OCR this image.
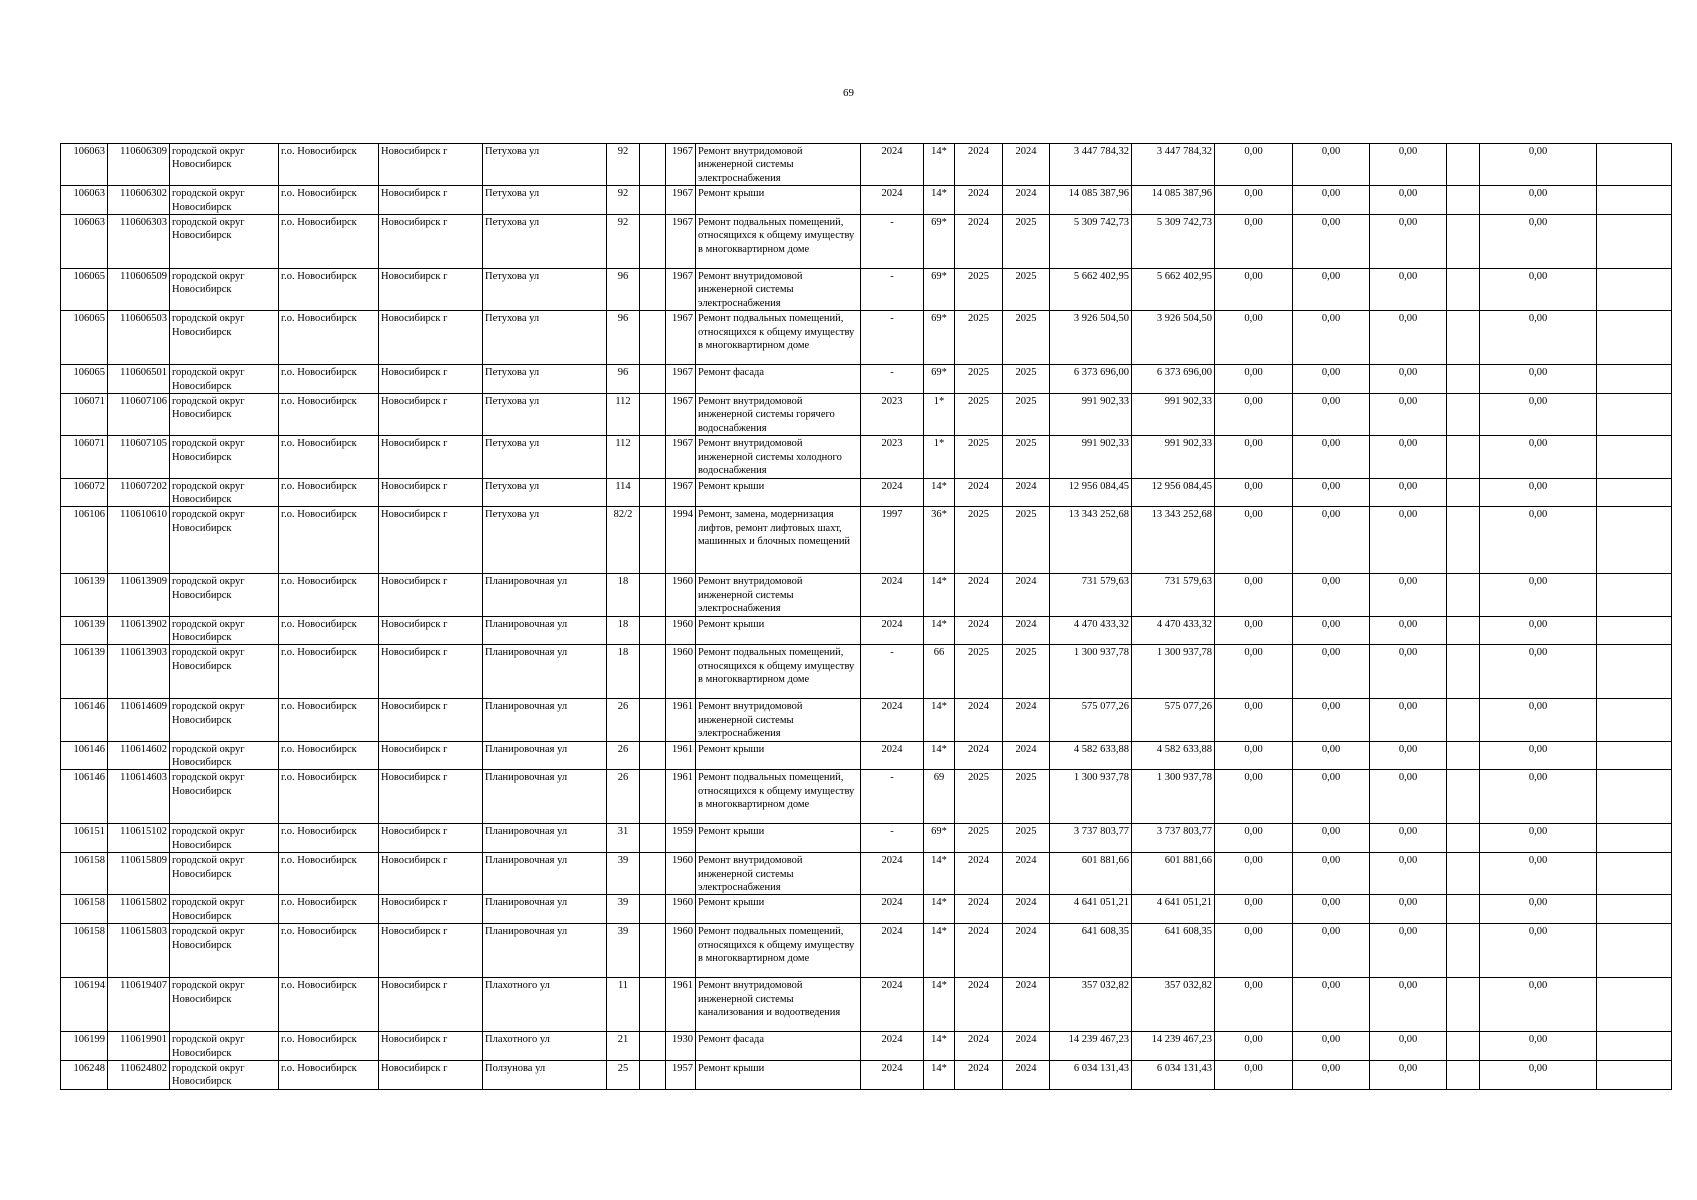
69
106063	110606309	городской округ Новосибирск	г.о. Новосибирск	Новосибирск г	Петухова ул	92		1967	Ремонт внутридомовой инженерной системы электроснабжения	2024	14*	2024	2024	3 447 784,32	3 447 784,32	0,00	0,00	0,00		0,00	
106063	110606302	городской округ Новосибирск	г.о. Новосибирск	Новосибирск г	Петухова ул	92		1967	Ремонт крыши	2024	14*	2024	2024	14 085 387,96	14 085 387,96	0,00	0,00	0,00		0,00	
106063	110606303	городской округ Новосибирск	г.о. Новосибирск	Новосибирск г	Петухова ул	92		1967	Ремонт подвальных помещений, относящихся к общему имуществу в многоквартирном доме	-	69*	2024	2025	5 309 742,73	5 309 742,73	0,00	0,00	0,00		0,00	
106065	110606509	городской округ Новосибирск	г.о. Новосибирск	Новосибирск г	Петухова ул	96		1967	Ремонт внутридомовой инженерной системы электроснабжения	-	69*	2025	2025	5 662 402,95	5 662 402,95	0,00	0,00	0,00		0,00	
106065	110606503	городской округ Новосибирск	г.о. Новосибирск	Новосибирск г	Петухова ул	96		1967	Ремонт подвальных помещений, относящихся к общему имуществу в многоквартирном доме	-	69*	2025	2025	3 926 504,50	3 926 504,50	0,00	0,00	0,00		0,00	
106065	110606501	городской округ Новосибирск	г.о. Новосибирск	Новосибирск г	Петухова ул	96		1967	Ремонт фасада	-	69*	2025	2025	6 373 696,00	6 373 696,00	0,00	0,00	0,00		0,00	
106071	110607106	городской округ Новосибирск	г.о. Новосибирск	Новосибирск г	Петухова ул	112		1967	Ремонт внутридомовой инженерной системы горячего водоснабжения	2023	1*	2025	2025	991 902,33	991 902,33	0,00	0,00	0,00		0,00	
106071	110607105	городской округ Новосибирск	г.о. Новосибирск	Новосибирск г	Петухова ул	112		1967	Ремонт внутридомовой инженерной системы холодного водоснабжения	2023	1*	2025	2025	991 902,33	991 902,33	0,00	0,00	0,00		0,00	
106072	110607202	городской округ Новосибирск	г.о. Новосибирск	Новосибирск г	Петухова ул	114		1967	Ремонт крыши	2024	14*	2024	2024	12 956 084,45	12 956 084,45	0,00	0,00	0,00		0,00	
106106	110610610	городской округ Новосибирск	г.о. Новосибирск	Новосибирск г	Петухова ул	82/2		1994	Ремонт, замена, модернизация лифтов, ремонт лифтовых шахт, машинных и блочных помещений	1997	36*	2025	2025	13 343 252,68	13 343 252,68	0,00	0,00	0,00		0,00	
106139	110613909	городской округ Новосибирск	г.о. Новосибирск	Новосибирск г	Планировочная ул	18		1960	Ремонт внутридомовой инженерной системы электроснабжения	2024	14*	2024	2024	731 579,63	731 579,63	0,00	0,00	0,00		0,00	
106139	110613902	городской округ Новосибирск	г.о. Новосибирск	Новосибирск г	Планировочная ул	18		1960	Ремонт крыши	2024	14*	2024	2024	4 470 433,32	4 470 433,32	0,00	0,00	0,00		0,00	
106139	110613903	городской округ Новосибирск	г.о. Новосибирск	Новосибирск г	Планировочная ул	18		1960	Ремонт подвальных помещений, относящихся к общему имуществу в многоквартирном доме	-	66	2025	2025	1 300 937,78	1 300 937,78	0,00	0,00	0,00		0,00	
106146	110614609	городской округ Новосибирск	г.о. Новосибирск	Новосибирск г	Планировочная ул	26		1961	Ремонт внутридомовой инженерной системы электроснабжения	2024	14*	2024	2024	575 077,26	575 077,26	0,00	0,00	0,00		0,00	
106146	110614602	городской округ Новосибирск	г.о. Новосибирск	Новосибирск г	Планировочная ул	26		1961	Ремонт крыши	2024	14*	2024	2024	4 582 633,88	4 582 633,88	0,00	0,00	0,00		0,00	
106146	110614603	городской округ Новосибирск	г.о. Новосибирск	Новосибирск г	Планировочная ул	26		1961	Ремонт подвальных помещений, относящихся к общему имуществу в многоквартирном доме	-	69	2025	2025	1 300 937,78	1 300 937,78	0,00	0,00	0,00		0,00	
106151	110615102	городской округ Новосибирск	г.о. Новосибирск	Новосибирск г	Планировочная ул	31		1959	Ремонт крыши	-	69*	2025	2025	3 737 803,77	3 737 803,77	0,00	0,00	0,00		0,00	
106158	110615809	городской округ Новосибирск	г.о. Новосибирск	Новосибирск г	Планировочная ул	39		1960	Ремонт внутридомовой инженерной системы электроснабжения	2024	14*	2024	2024	601 881,66	601 881,66	0,00	0,00	0,00		0,00	
106158	110615802	городской округ Новосибирск	г.о. Новосибирск	Новосибирск г	Планировочная ул	39		1960	Ремонт крыши	2024	14*	2024	2024	4 641 051,21	4 641 051,21	0,00	0,00	0,00		0,00	
106158	110615803	городской округ Новосибирск	г.о. Новосибирск	Новосибирск г	Планировочная ул	39		1960	Ремонт подвальных помещений, относящихся к общему имуществу в многоквартирном доме	2024	14*	2024	2024	641 608,35	641 608,35	0,00	0,00	0,00		0,00	
106194	110619407	городской округ Новосибирск	г.о. Новосибирск	Новосибирск г	Плахотного ул	11		1961	Ремонт внутридомовой инженерной системы канализования и водоотведения	2024	14*	2024	2024	357 032,82	357 032,82	0,00	0,00	0,00		0,00	
106199	110619901	городской округ Новосибирск	г.о. Новосибирск	Новосибирск г	Плахотного ул	21		1930	Ремонт фасада	2024	14*	2024	2024	14 239 467,23	14 239 467,23	0,00	0,00	0,00		0,00	
106248	110624802	городской округ Новосибирск	г.о. Новосибирск	Новосибирск г	Ползунова ул	25		1957	Ремонт крыши	2024	14*	2024	2024	6 034 131,43	6 034 131,43	0,00	0,00	0,00		0,00	
